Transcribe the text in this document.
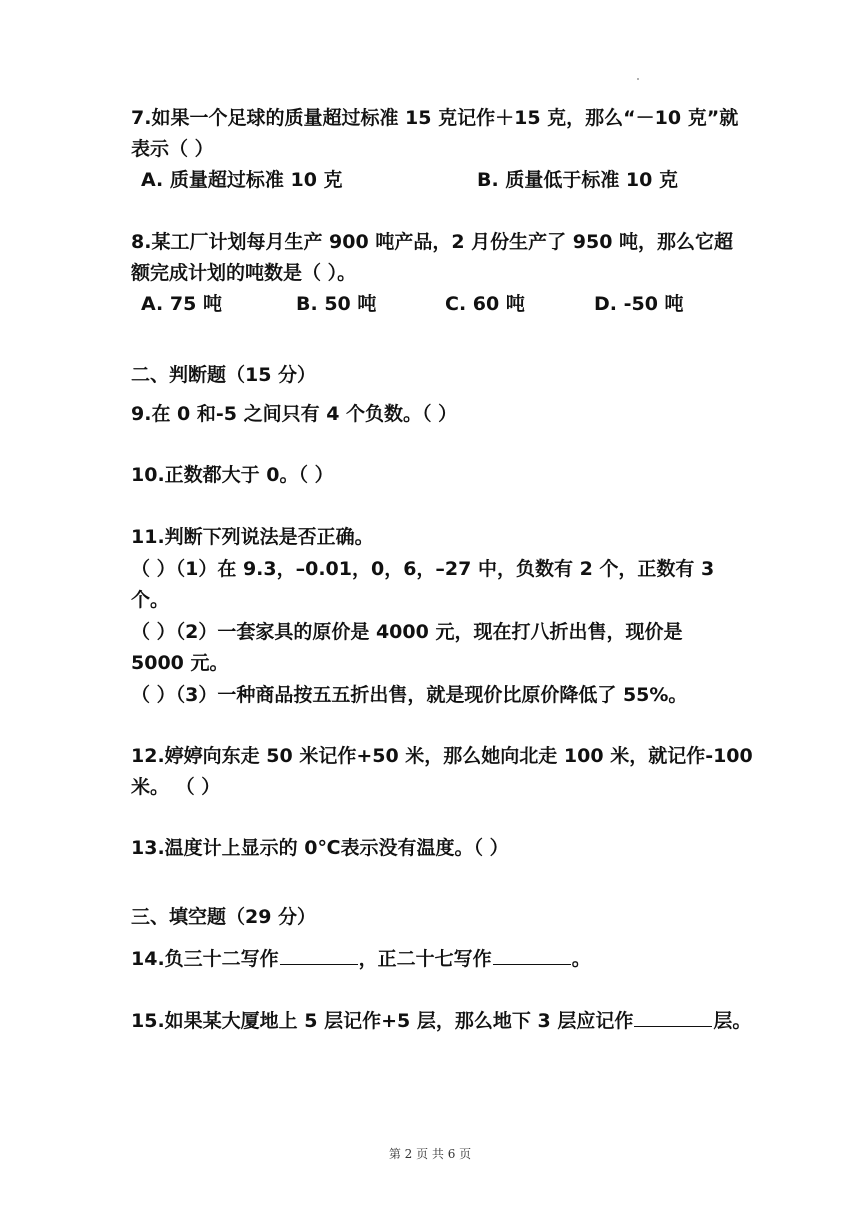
7.如果一个足球的质量超过标准 15 克记作＋15 克，那么“－10 克”就
表示（ ）
A. 质量超过标准 10 克	B. 质量低于标准 10 克
8.某工厂计划每月生产 900 吨产品，2 月份生产了 950 吨，那么它超
额完成计划的吨数是（ ）。
A. 75 吨	B. 50 吨	C. 60 吨	D. -50 吨
二、判断题（15 分）
9.在 0 和-5 之间只有 4 个负数。（ ）
10.正数都大于 0。（ ）
11.判断下列说法是否正确。
（ ）（1）在 9.3，–0.01，0，6，–27 中，负数有 2 个，正数有 3
个。
（ ）（2）一套家具的原价是 4000 元，现在打八折出售，现价是
5000 元。
（ ）（3）一种商品按五五折出售，就是现价比原价降低了 55%。
12.婷婷向东走 50 米记作+50 米，那么她向北走 100 米，就记作-100
米。 （ ）
13.温度计上显示的 0℃表示没有温度。（ ）
三、填空题（29 分）
14.负三十二写作	，正二十七写作	。
15.如果某大厦地上 5 层记作+5 层，那么地下 3 层应记作	层。
第 2 页 共 6 页
